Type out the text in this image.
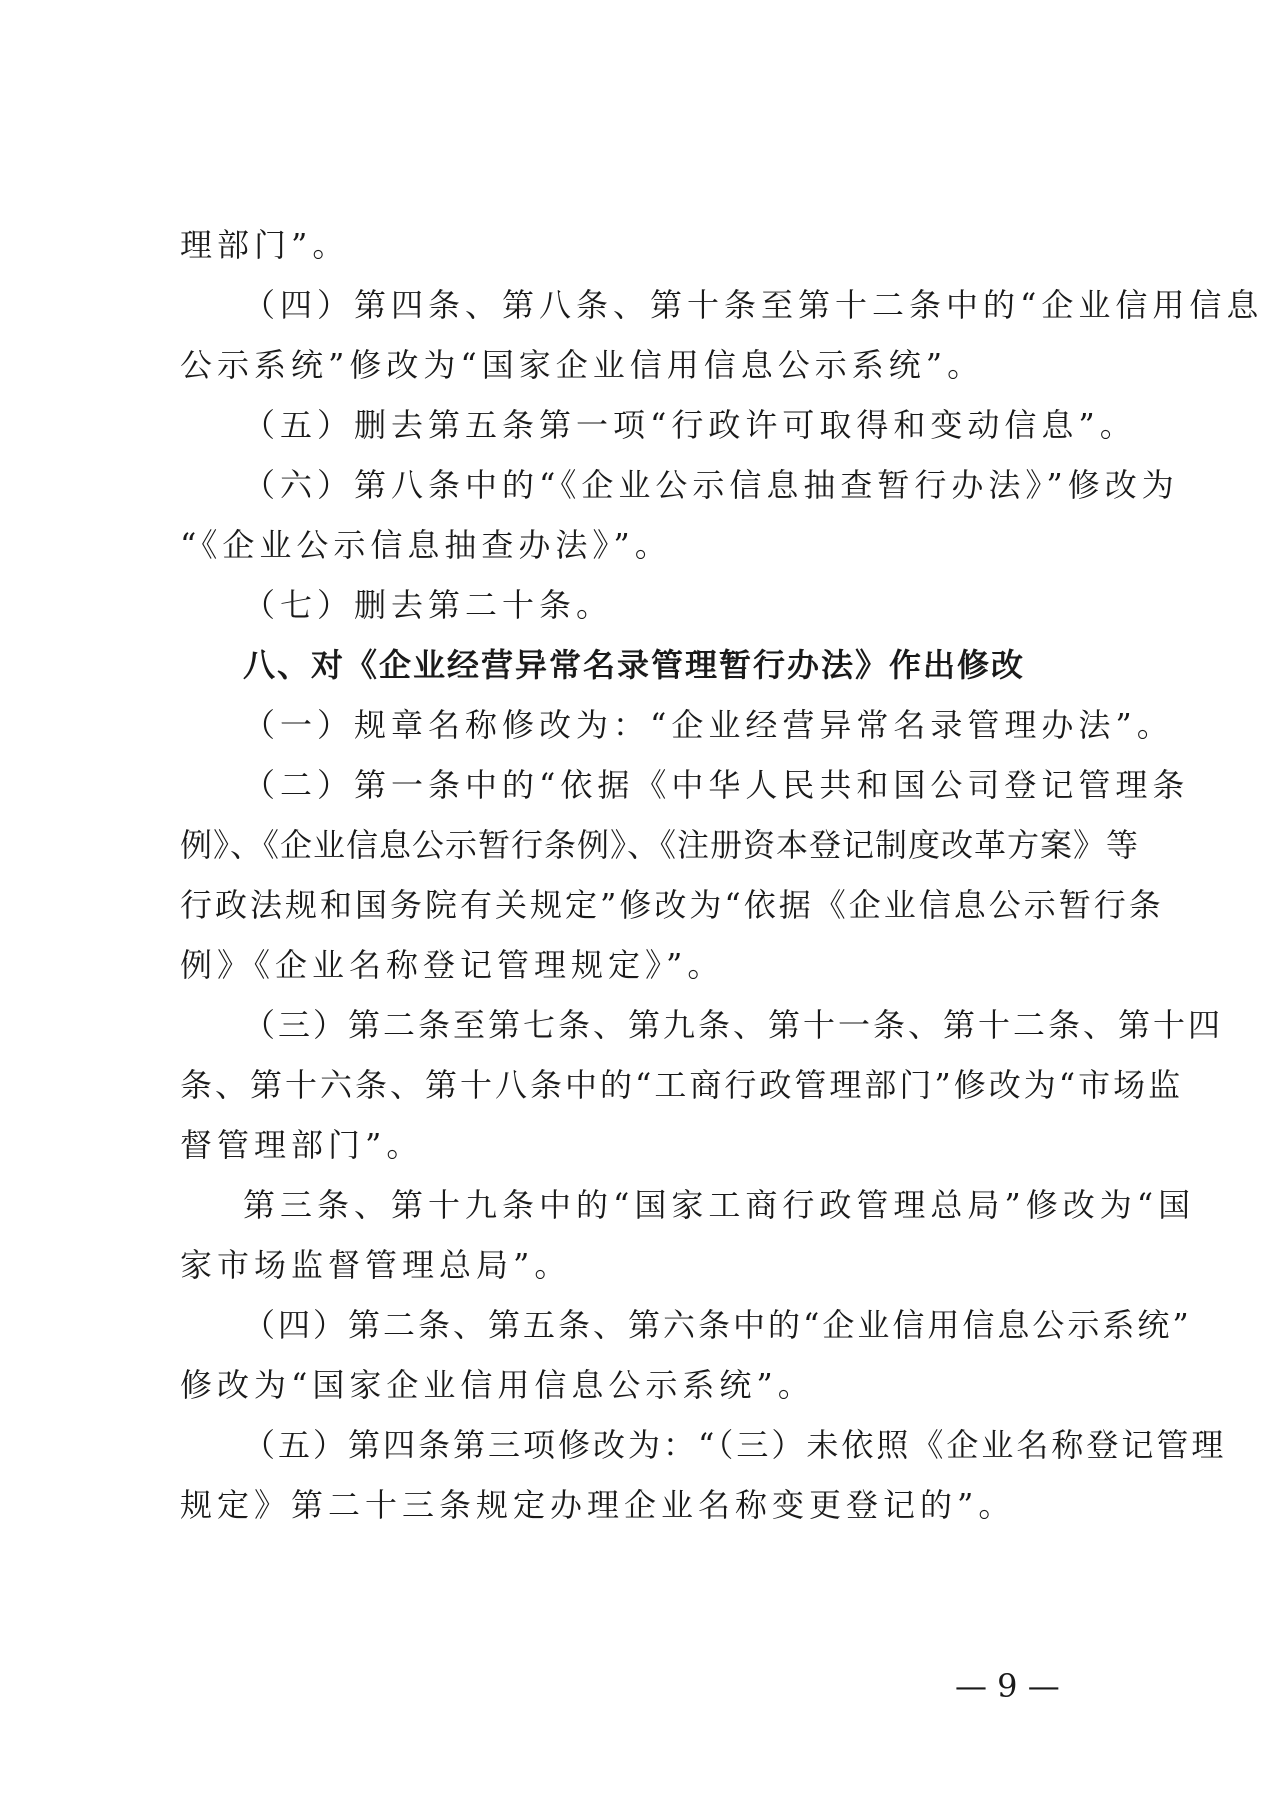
理部门”。
（四）第四条、第八条、第十条至第十二条中的“企业信用信息
公示系统”修改为“国家企业信用信息公示系统”。
（五）删去第五条第一项“行政许可取得和变动信息”。
（六）第八条中的“《企业公示信息抽查暂行办法》”修改为
“《企业公示信息抽查办法》”。
（七）删去第二十条。
八、对《企业经营异常名录管理暂行办法》作出修改
（一）规章名称修改为：“企业经营异常名录管理办法”。
（二）第一条中的“依据《中华人民共和国公司登记管理条
例》、《企业信息公示暂行条例》、《注册资本登记制度改革方案》等
行政法规和国务院有关规定”修改为“依据《企业信息公示暂行条
例》《企业名称登记管理规定》”。
（三）第二条至第七条、第九条、第十一条、第十二条、第十四
条、第十六条、第十八条中的“工商行政管理部门”修改为“市场监
督管理部门”。
第三条、第十九条中的“国家工商行政管理总局”修改为“国
家市场监督管理总局”。
（四）第二条、第五条、第六条中的“企业信用信息公示系统”
修改为“国家企业信用信息公示系统”。
（五）第四条第三项修改为：“（三）未依照《企业名称登记管理
规定》第二十三条规定办理企业名称变更登记的”。
— 9 —
